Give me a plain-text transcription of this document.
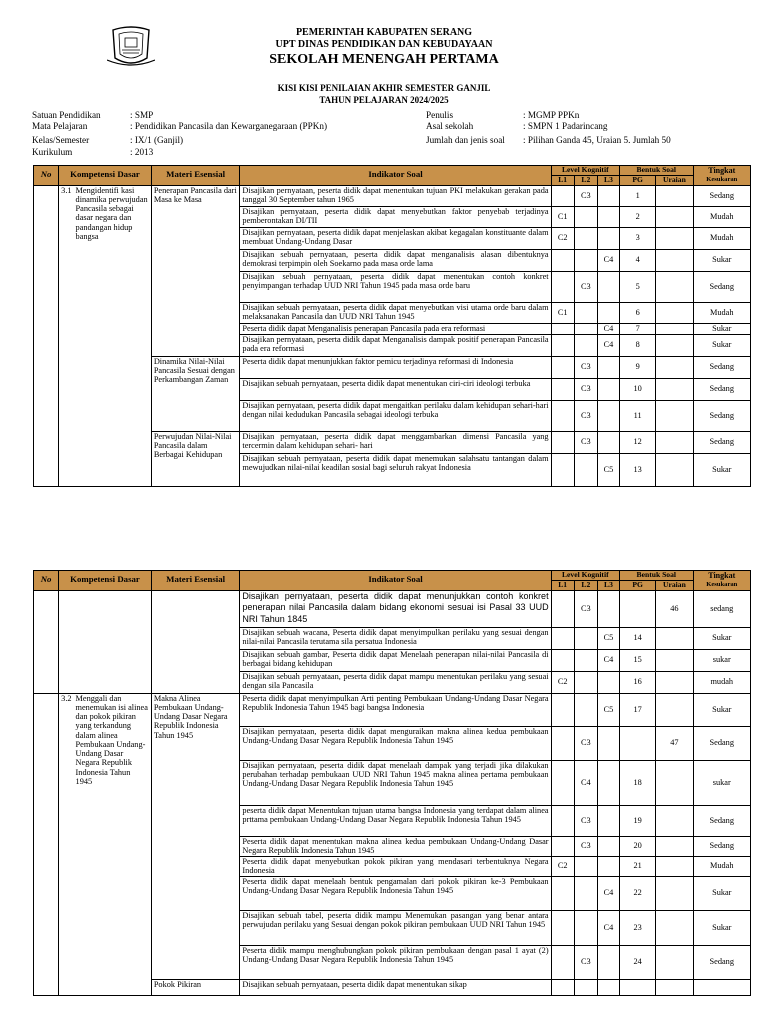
PEMERINTAH KABUPATEN SERANG
UPT DINAS PENDIDIKAN DAN KEBUDAYAAN
SEKOLAH MENENGAH PERTAMA
KISI KISI PENILAIAN AKHIR SEMESTER GANJIL
TAHUN PELAJARAN 2024/2025
Satuan Pendidikan	: SMP
Mata Pelajaran	: Pendidikan Pancasila dan Kewarganegaraan (PPKn)
Kelas/Semester	: IX/1 (Ganjil)
Kurikulum	: 2013
Penulis	: MGMP PPKn
Asal sekolah	: SMPN 1 Padarincang
Jumlah dan jenis soal : Pilihan Ganda 45, Uraian 5. Jumlah 50
No	Kompetensi Dasar	Materi Esensial	Indikator Soal	Level Kognitif			Bentuk Soal		Tingkat
Kesukaran

				L1	L2	L3	PG	Uraian	

	3.1 Mengidentifi kasi dinamika perwujudan Pancasila sebagai dasar negara dan pandangan hidup bangsa	Penerapan Pancasila dari Masa ke Masa	Disajikan pernyataan, peserta didik dapat menentukan tujuan PKI melakukan gerakan pada tanggal 30 September tahun 1965		C3		1		Sedang
			Disajikan pernyataan, peserta didik dapat menyebutkan faktor penyebab terjadinya pemberontakan DI/TII	C1			2		Mudah
			Disajikan pernyataan, peserta didik dapat menjelaskan akibat kegagalan konstituante dalam membuat Undang-Undang Dasar	C2			3		Mudah
			Disajikan sebuah pernyataan, peserta didik dapat menganalisis alasan dibentuknya demokrasi terpimpin oleh Soekarno pada masa orde lama			C4	4		Sukar
			Disajikan sebuah pernyataan, peserta didik dapat menentukan contoh konkret penyimpangan terhadap UUD NRI Tahun 1945 pada masa orde baru		C3		5		Sedang
			Disajikan sebuah pernyataan, peserta didik dapat menyebutkan visi utama orde baru dalam melaksanakan Pancasila dan UUD NRI Tahun 1945	C1			6		Mudah
			Peserta didik dapat Menganalisis penerapan Pancasila pada era reformasi			C4	7		Sukar
			Disajikan pernyataan, peserta didik dapat Menganalisis dampak positif penerapan Pancasila pada era reformasi			C4	8		Sukar
		Dinamika Nilai-Nilai Pancasila Sesuai dengan Perkambangan Zaman	Peserta didik dapat menunjukkan faktor pemicu terjadinya reformasi di Indonesia		C3		9		Sedang
			Disajikan sebuah pernyataan, peserta didik dapat menentukan ciri-ciri ideologi terbuka		C3		10		Sedang
			Disajikan pernyataan, peserta didik dapat mengaitkan perilaku dalam kehidupan sehari-hari dengan nilai kedudukan Pancasila sebagai ideologi terbuka		C3		11		Sedang
		Perwujudan Nilai-Nilai Pancasila dalam Berbagai Kehidupan	Disajikan pernyataan, peserta didik dapat menggambarkan dimensi Pancasila yang tercermin dalam kehidupan sehari- hari		C3		12		Sedang
			Disajikan sebuah pernyataan, peserta didik dapat menemukan salahsatu tantangan dalam mewujudkan nilai-nilai keadilan sosial bagi seluruh rakyat Indonesia			C5	13		Sukar
No	Kompetensi Dasar	Materi Esensial	Indikator Soal	Level Kognitif			Bentuk Soal		Tingkat
Kesukaran

				L1	L2	L3	PG	Uraian	
			Disajikan pernyataan, peserta didik dapat menunjukkan contoh konkret penerapan nilai Pancasila dalam bidang ekonomi sesuai isi Pasal 33 UUD NRI Tahun 1845		C3			46	sedang
			Disajikan sebuah wacana, Peserta didik dapat menyimpulkan perilaku yang sesuai dengan nilai-nilai Pancasila terutama sila persatua Indonesia			C5	14		Sukar
			Disajikan sebuah gambar, Peserta didik dapat Menelaah penerapan nilai-nilai Pancasila di berbagai bidang kehidupan			C4	15		sukar
			Disajikan sebuah pernyataan, peserta didik dapat mampu menentukan perilaku yang sesuai dengan sila Pancasila	C2			16		mudah

	3.2 Menggali dan menemukan isi alinea dan pokok pikiran yang terkandung dalam alinea Pembukaan Undang-Undang Dasar Negara Republik Indonesia Tahun 1945	Makna Alinea Pembukaan Undang-Undang Dasar Negara Republik Indonesia Tahun 1945	Peserta didik dapat menyimpulkan Arti penting Pembukaan Undang-Undang Dasar Negara Republik Indonesia Tahun 1945 bagi bangsa Indonesia			C5	17		Sukar
			Disajikan pernyataan, peserta didik dapat menguraikan makna alinea kedua pembukaan Undang-Undang Dasar Negara Republik Indonesia Tahun 1945		C3			47	Sedang
			Disajikan pernyataan, peserta didik dapat menelaah dampak yang terjadi jika dilakukan perubahan terhadap pembukaan UUD NRI Tahun 1945 makna alinea pertama pembukaan Undang-Undang Dasar Negara Republik Indonesia Tahun 1945		C4		18		sukar
			peserta didik dapat Menentukan tujuan utama bangsa Indonesia yang terdapat dalam alinea prttama pembukaan Undang-Undang Dasar Negara Republik Indonesia Tahun 1945		C3		19		Sedang
			Peserta didik dapat menentukan makna alinea kedua pembukaan Undang-Undang Dasar Negara Republik Indonesia Tahun 1945		C3		20		Sedang
			Peserta didik dapat menyebutkan pokok pikiran yang mendasari terbentuknya Negara Indonesia	C2			21		Mudah
			Peserta didik dapat menelaah bentuk pengamalan dari pokok pikiran ke-3 Pembukaan Undang-Undang Dasar Negara Republik Indonesia Tahun 1945			C4	22		Sukar
			Disajikan sebuah tabel, peserta didik mampu Menemukan pasangan yang benar antara perwujudan perilaku yang Sesuai dengan pokok pikiran pembukaan UUD NRI Tahun 1945			C4	23		Sukar
			Peserta didik mampu menghubungkan pokok pikiran pembukaan dengan pasal 1 ayat (2) Undang-Undang Dasar Negara Republik Indonesia Tahun 1945		C3		24		Sedang
		Pokok Pikiran	Disajikan sebuah pernyataan, peserta didik dapat menentukan sikap						
